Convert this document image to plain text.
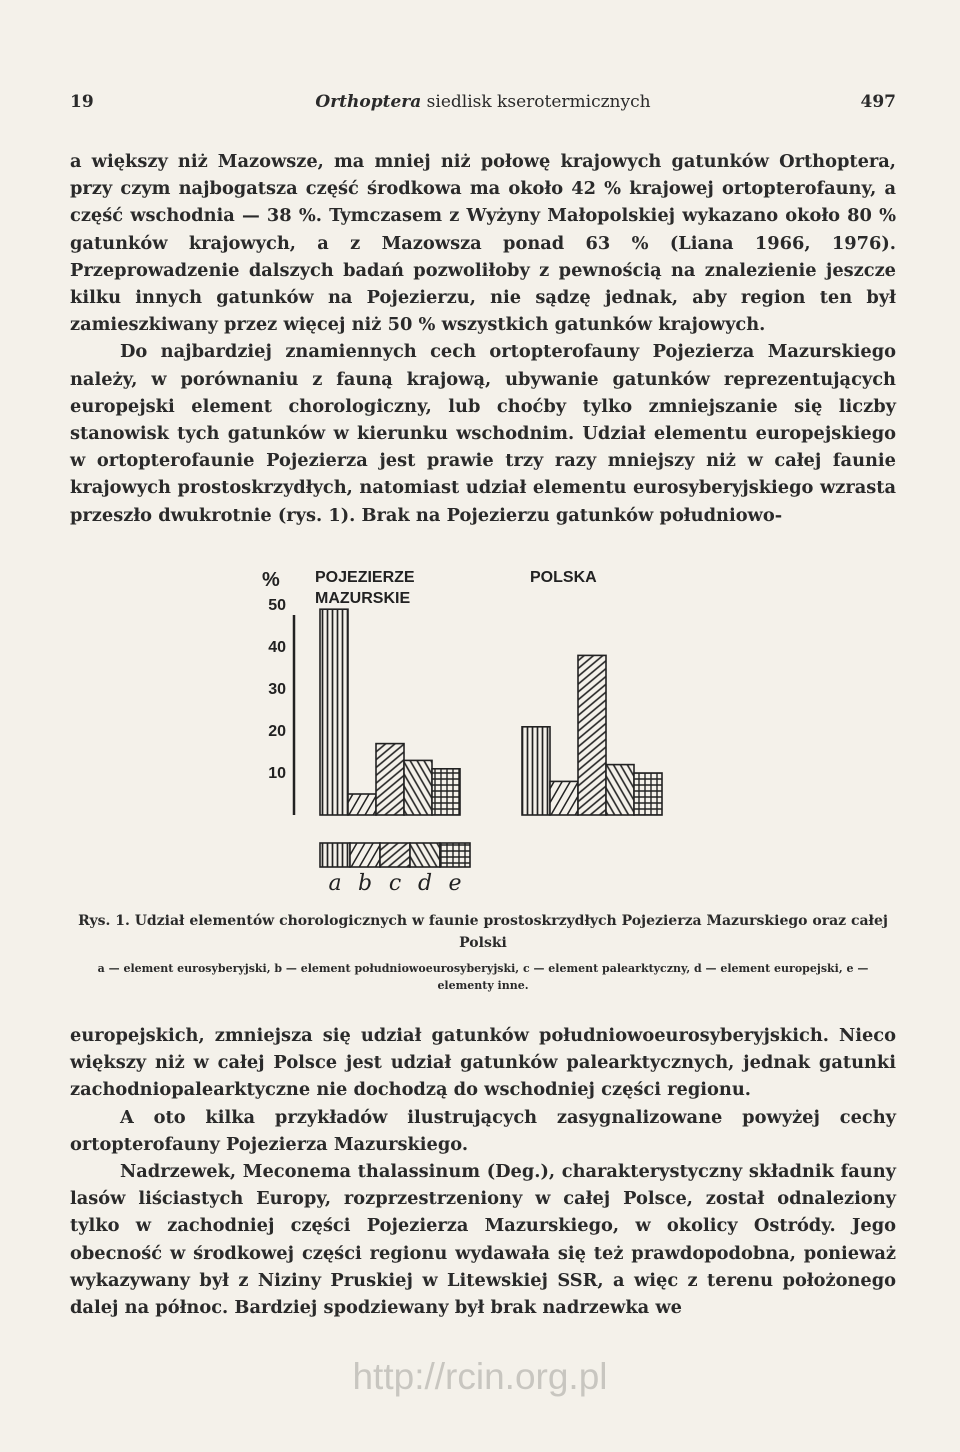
19	Orthoptera siedlisk kserotermicznych	497

a większy niż Mazowsze, ma mniej niż połowę krajowych gatunków Orthoptera, przy czym najbogatsza część środkowa ma około 42 % krajowej ortopterofauny, a część wschodnia — 38 %. Tymczasem z Wyżyny Małopolskiej wykazano około 80 % gatunków krajowych, a z Mazowsza ponad 63 % (Liana 1966, 1976). Przeprowadzenie dalszych badań pozwoliłoby z pewnością na znalezienie jeszcze kilku innych gatunków na Pojezierzu, nie sądzę jednak, aby region ten był zamieszkiwany przez więcej niż 50 % wszystkich gatunków krajowych.

Do najbardziej znamiennych cech ortopterofauny Pojezierza Mazurskiego należy, w porównaniu z fauną krajową, ubywanie gatunków reprezentujących europejski element chorologiczny, lub choćby tylko zmniejszanie się liczby stanowisk tych gatunków w kierunku wschodnim. Udział elementu europejskiego w ortopterofaunie Pojezierza jest prawie trzy razy mniejszy niż w całej faunie krajowych prostoskrzydłych, natomiast udział elementu eurosyberyjskiego wzrasta przeszło dwukrotnie (rys. 1). Brak na Pojezierzu gatunków południowo-

%
50
40
30
20
10
POJEZIERZE
MAZURSKIE
POLSKA
a b c d e
Rys. 1. Udział elementów chorologicznych w faunie prostoskrzydłych Pojezierza Mazurskiego oraz całej Polski
a — element eurosyberyjski, b — element południowoeurosyberyjski, c — element palearktyczny, d — element europejski, e — elementy inne.

europejskich, zmniejsza się udział gatunków południowoeurosyberyjskich. Nieco większy niż w całej Polsce jest udział gatunków palearktycznych, jednak gatunki zachodniopalearktyczne nie dochodzą do wschodniej części regionu.

A oto kilka przykładów ilustrujących zasygnalizowane powyżej cechy ortopterofauny Pojezierza Mazurskiego.

Nadrzewek, Meconema thalassinum (Deg.), charakterystyczny składnik fauny lasów liściastych Europy, rozprzestrzeniony w całej Polsce, został odnaleziony tylko w zachodniej części Pojezierza Mazurskiego, w okolicy Ostródy. Jego obecność w środkowej części regionu wydawała się też prawdopodobna, ponieważ wykazywany był z Niziny Pruskiej w Litewskiej SSR, a więc z terenu położonego dalej na północ. Bardziej spodziewany był brak nadrzewka we

http://rcin.org.pl
